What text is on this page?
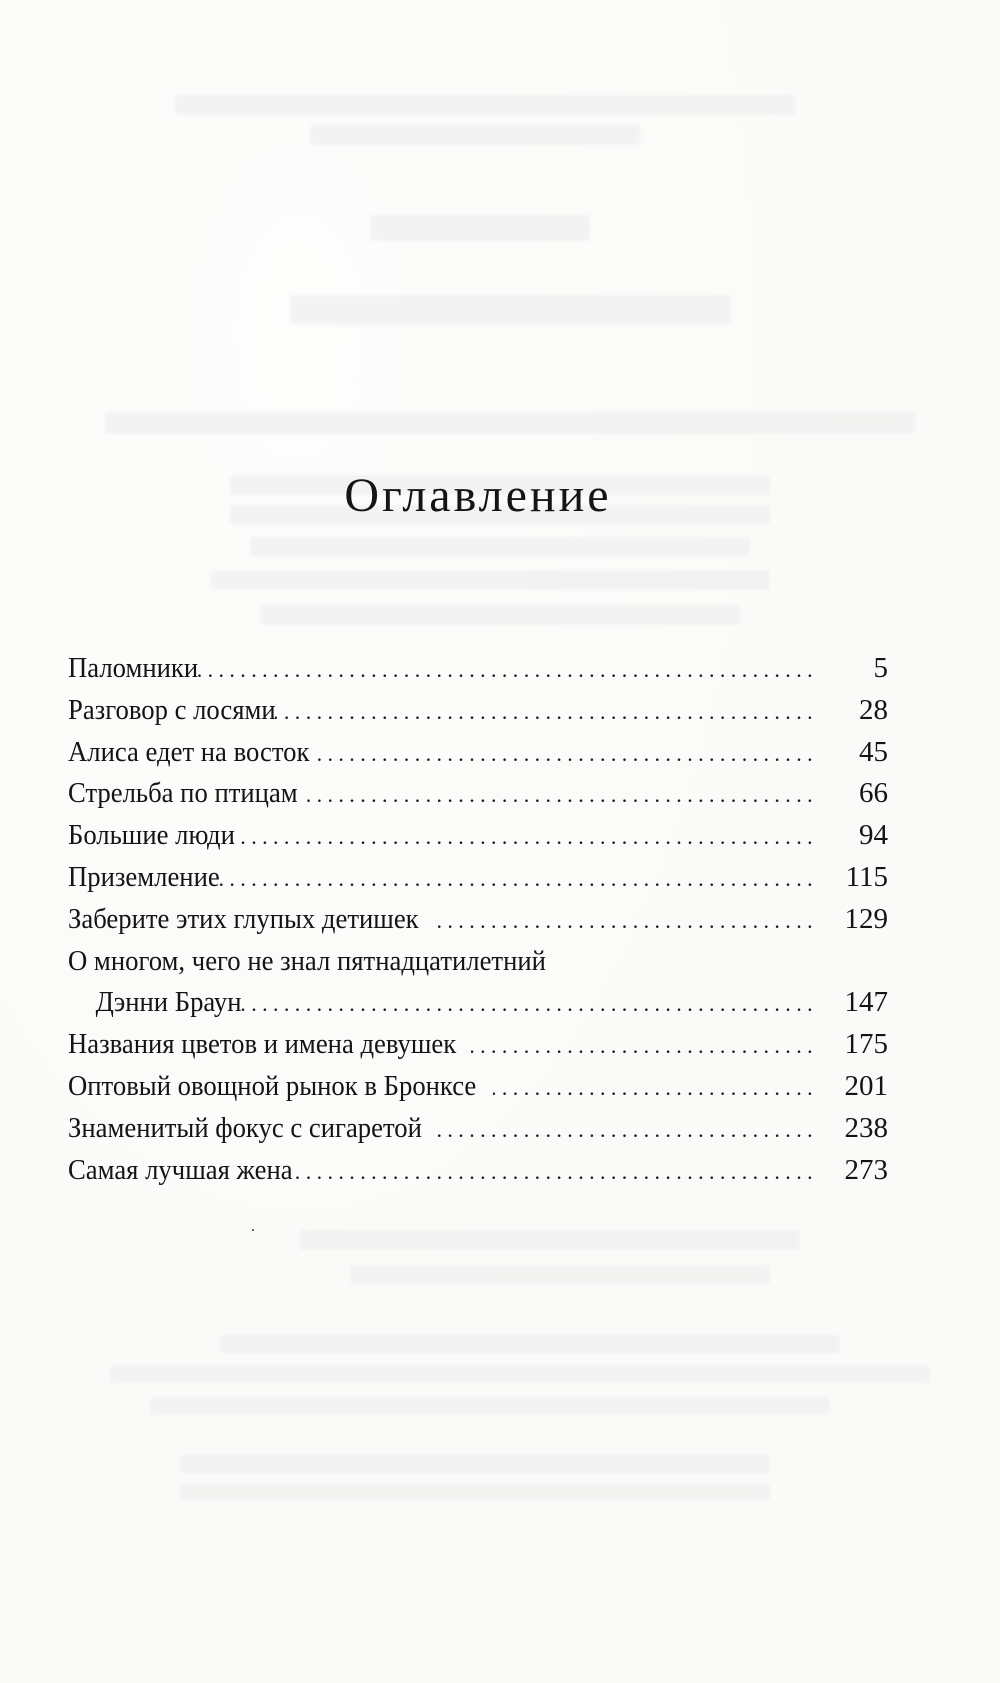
Оглавление
Паломники .....	5
Разговор с лосями .....	28
Алиса едет на восток .....	45
Стрельба по птицам .....	66
Большие люди .....	94
Приземление .....	115
Заберите этих глупых детишек .....	129
О многом, чего не знал пятнадцатилетний
Дэнни Браун .....	147
Названия цветов и имена девушек .....	175
Оптовый овощной рынок в Бронксе .....	201
Знаменитый фокус с сигаретой .....	238
Самая лучшая жена .....	273
